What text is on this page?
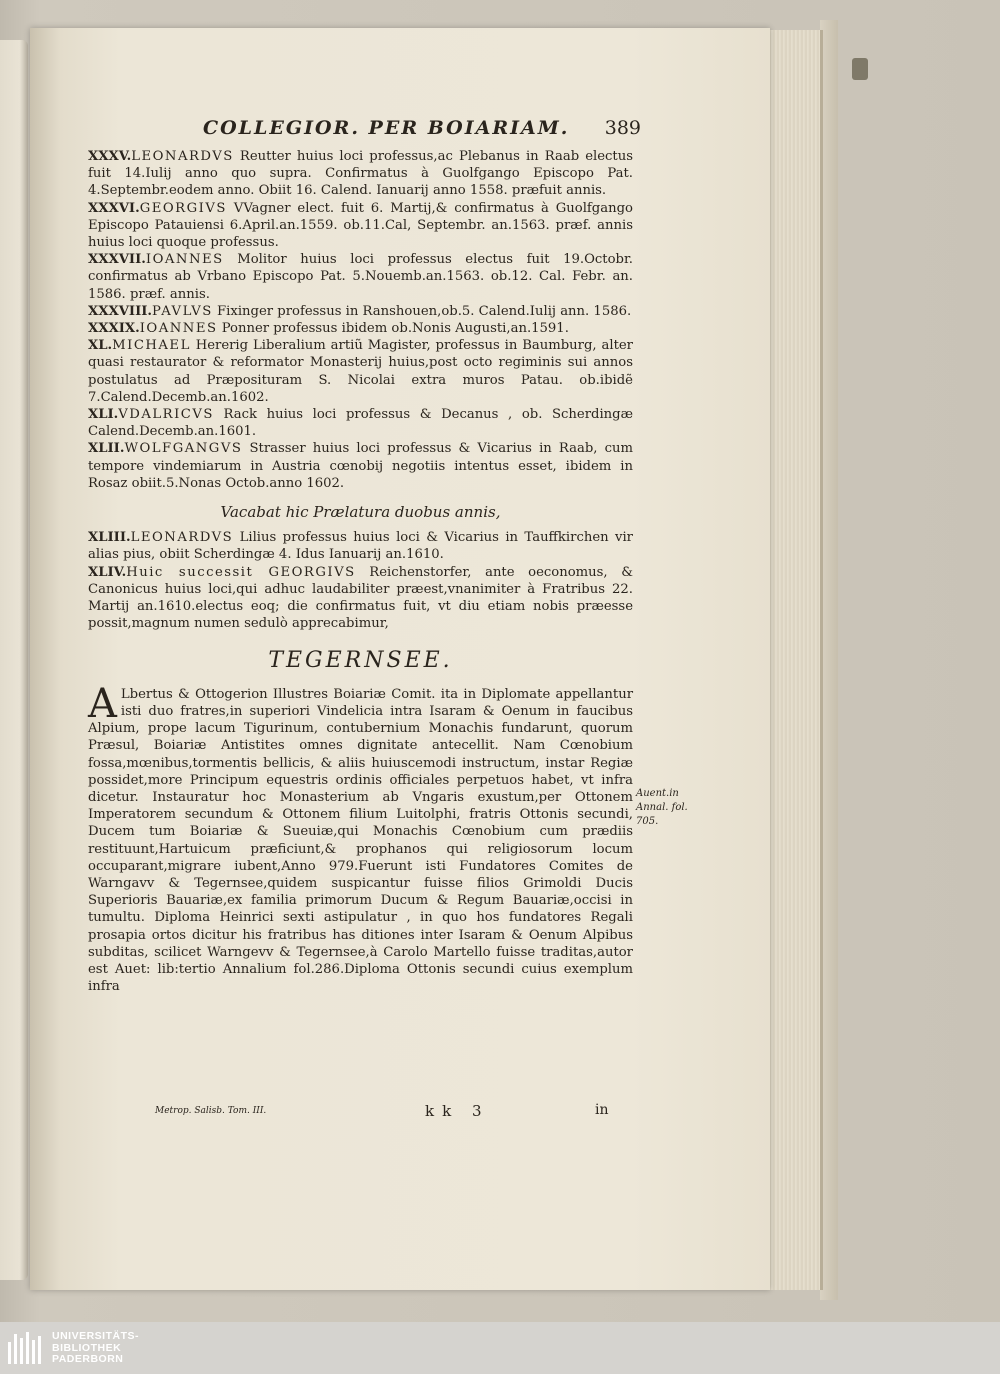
COLLEGIOR. PER BOIARIAM. 389

XXXV.LEONARDVS Reutter huius loci professus,ac Plebanus in Raab electus fuit 14.Iulij anno quo supra. Confirmatus à Guolfgango Episcopo Pat. 4.Septembr.eodem anno. Obiit 16. Calend. Ianuarij anno 1558. præfuit annis.

XXXVI.GEORGIVS VVagner elect. fuit 6. Martij,& confirmatus à Guolfgango Episcopo Patauiensi 6.April.an.1559. ob.11.Cal, Septembr. an.1563. præf. annis huius loci quoque professus.

XXXVII.IOANNES Molitor huius loci professus electus fuit 19.Octobr. confirmatus ab Vrbano Episcopo Pat. 5.Nouemb.an.1563. ob.12. Cal. Febr. an. 1586. præf. annis.

XXXVIII.PAVLVS Fixinger professus in Ranshouen,ob.5. Calend.Iulij ann. 1586.

XXXIX.IOANNES Ponner professus ibidem ob.Nonis Augusti,an.1591.

XL.MICHAEL Hererig Liberalium artiũ Magister, professus in Baumburg, alter quasi restaurator & reformator Monasterij huius,post octo regiminis sui annos postulatus ad Præposituram S. Nicolai extra muros Patau. ob.ibidẽ 7.Calend.Decemb.an.1602.

XLI.VDALRICVS Rack huius loci professus & Decanus , ob. Scherdingæ Calend.Decemb.an.1601.

XLII.WOLFGANGVS Strasser huius loci professus & Vicarius in Raab, cum tempore vindemiarum in Austria cœnobij negotiis intentus esset, ibidem in Rosaz obiit.5.Nonas Octob.anno 1602.

Vacabat hic Prælatura duobus annis,

XLIII.LEONARDVS Lilius professus huius loci & Vicarius in Tauffkirchen vir alias pius, obiit Scherdingæ 4. Idus Ianuarij an.1610.

XLIV.Huic successit GEORGIVS Reichenstorfer, ante oeconomus, & Canonicus huius loci,qui adhuc laudabiliter præest,vnanimiter à Fratribus 22. Martij an.1610.electus eoq; die confirmatus fuit, vt diu etiam nobis præesse possit,magnum numen sedulò apprecabimur,

TEGERNSEE.
A Lbertus & Ottogerion Illustres Boiariæ Comit. ita in Diplomate appellantur isti duo fratres,in superiori Vindelicia intra Isaram & Oenum in faucibus Alpium, prope lacum Tigurinum, contubernium Monachis fundarunt, quorum Præsul, Boiariæ Antistites omnes dignitate antecellit. Nam Cœnobium fossa,mœnibus,tormentis bellicis, & aliis huiuscemodi instructum, instar Regiæ possidet,more Principum equestris ordinis officiales perpetuos habet, vt infra dicetur. Instauratur hoc Monasterium ab Vngaris exustum,per Ottonem Imperatorem secundum & Ottonem filium Luitolphi, fratris Ottonis secundi, Ducem tum Boiariæ & Sueuiæ,qui Monachis Cœnobium cum prædiis restituunt,Hartuicum præficiunt,& prophanos qui religiosorum locum occuparant,migrare iubent,Anno 979.Fuerunt isti Fundatores Comites de Warngavv & Tegernsee,quidem suspicantur fuisse filios Grimoldi Ducis Superioris Bauariæ,ex familia primorum Ducum & Regum Bauariæ,occisi in tumultu. Diploma Heinrici sexti astipulatur , in quo hos fundatores Regali prosapia ortos dicitur his fratribus has ditiones inter Isaram & Oenum Alpibus subditas, scilicet Warngevv & Tegernsee,à Carolo Martello fuisse traditas,autor est Auet: lib:tertio Annalium fol.286.Diploma Ottonis secundi cuius exemplum infra
Auent.in Annal. fol. 705.
Metrop. Salisb. Tom. III.	kk 3	in
UNIVERSITÄTS-
BIBLIOTHEK
PADERBORN
